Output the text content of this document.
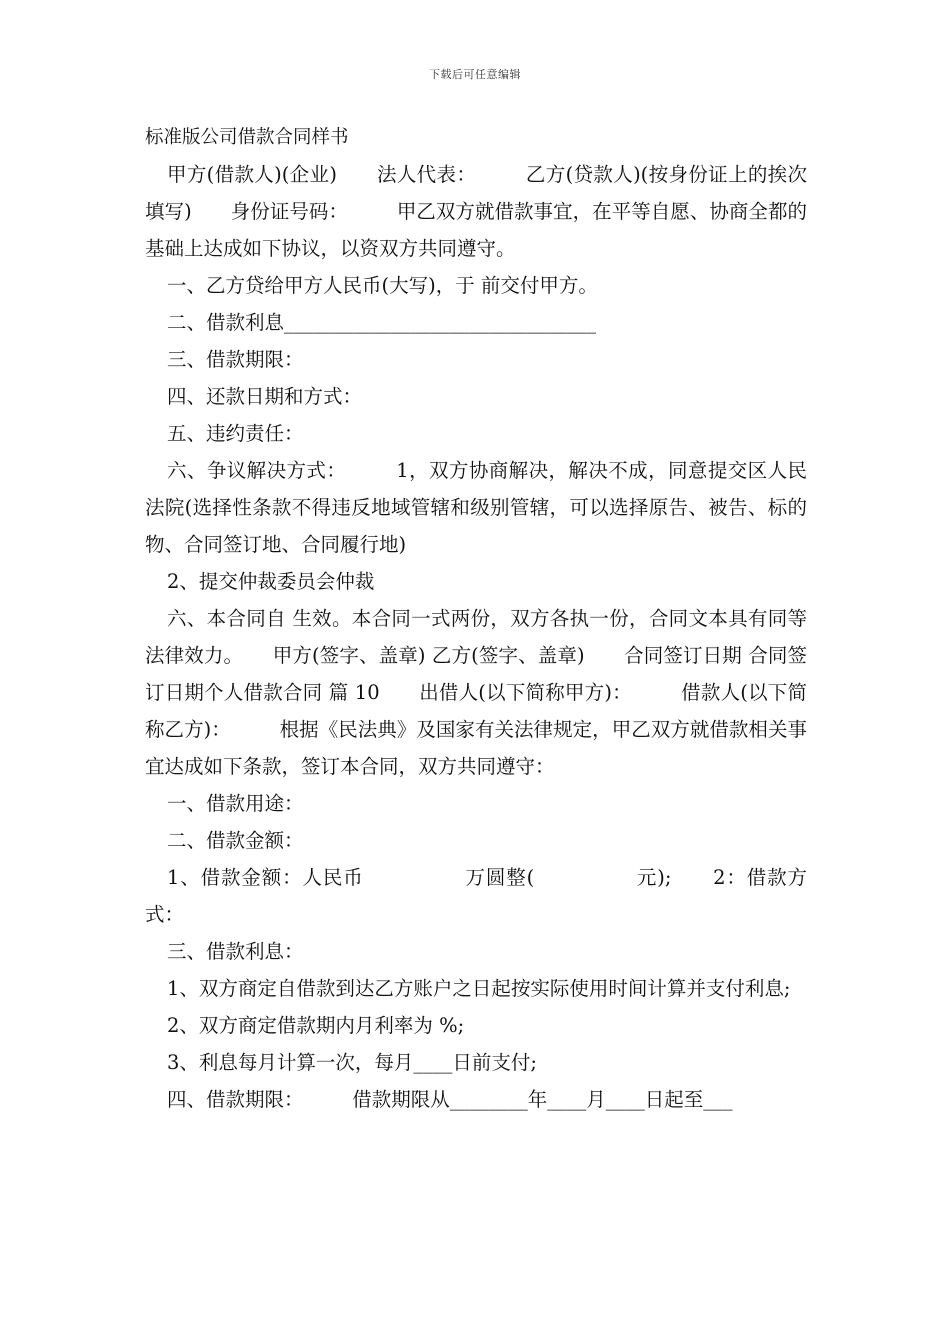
下载后可任意编辑
标准版公司借款合同样书

甲方(借款人)(企业)　　法人代表：　　　乙方(贷款人)(按身份证上的挨次填写)　　身份证号码：　　　甲乙双方就借款事宜，在平等自愿、协商全都的基础上达成如下协议，以资双方共同遵守。

一、乙方贷给甲方人民币(大写)，于 前交付甲方。

二、借款利息________________________________

三、借款期限：

四、还款日期和方式：

五、违约责任：

六、争议解决方式：　　　1，双方协商解决，解决不成，同意提交区人民法院(选择性条款不得违反地域管辖和级别管辖，可以选择原告、被告、标的物、合同签订地、合同履行地)

2、提交仲裁委员会仲裁

六、本合同自 生效。本合同一式两份，双方各执一份，合同文本具有同等法律效力。　　甲方(签字、盖章) 乙方(签字、盖章)　　合同签订日期 合同签订日期个人借款合同 篇 10　　出借人(以下简称甲方)：　　　借款人(以下简称乙方)：　　　根据《民法典》及国家有关法律规定，甲乙双方就借款相关事宜达成如下条款，签订本合同，双方共同遵守：

一、借款用途：

二、借款金额：

1、借款金额：人民币　　　　　万圆整(　　　　　元);　　2：借款方式：

三、借款利息：

1、双方商定自借款到达乙方账户之日起按实际使用时间计算并支付利息;

2、双方商定借款期内月利率为 %;

3、利息每月计算一次，每月____日前支付;

四、借款期限：　　　借款期限从________年____月____日起至___
